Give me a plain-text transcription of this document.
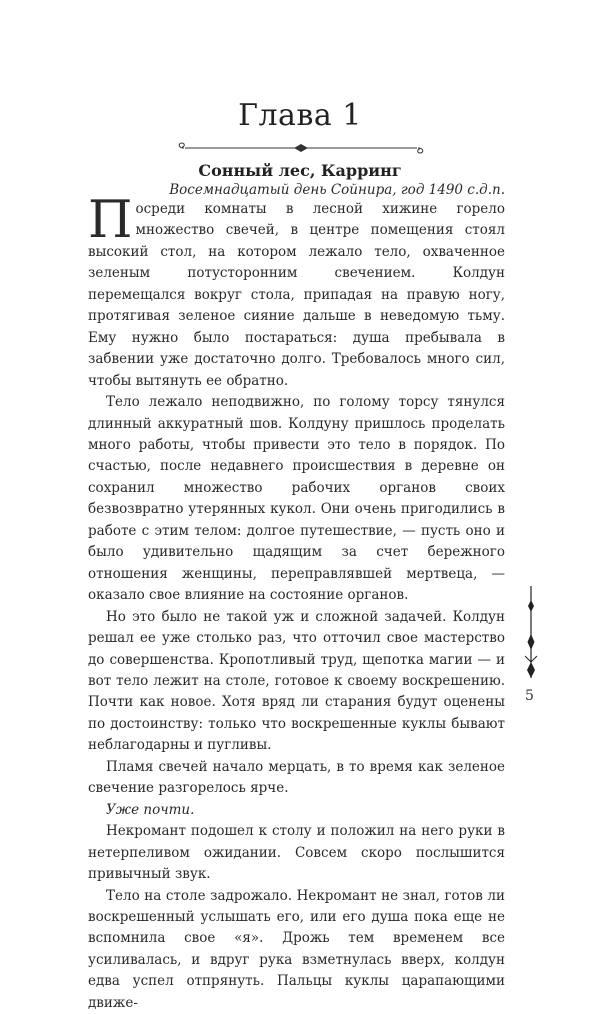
Глава 1
Сонный лес, Карринг
Восемнадцатый день Сойнира, год 1490 с.д.п.

Посреди комнаты в лесной хижине горело множество свечей, в центре помещения стоял высокий стол, на котором лежало тело, охваченное зеленым потусторонним свечением. Колдун перемещался вокруг стола, припадая на правую ногу, протягивая зеленое сияние дальше в неведомую тьму. Ему нужно было постараться: душа пребывала в забвении уже достаточно долго. Требовалось много сил, чтобы вытянуть ее обратно.

Тело лежало неподвижно, по голому торсу тянулся длинный аккуратный шов. Колдуну пришлось проделать много работы, чтобы привести это тело в порядок. По счастью, после недавнего происшествия в деревне он сохранил множество рабочих органов своих безвозвратно утерянных кукол. Они очень пригодились в работе с этим телом: долгое путешествие, — пусть оно и было удивительно щадящим за счет бережного отношения женщины, переправлявшей мертвеца, — оказало свое влияние на состояние органов.

Но это было не такой уж и сложной задачей. Колдун решал ее уже столько раз, что отточил свое мастерство до совершенства. Кропотливый труд, щепотка магии — и вот тело лежит на столе, готовое к своему воскрешению. Почти как новое. Хотя вряд ли старания будут оценены по достоинству: только что воскрешенные куклы бывают неблагодарны и пугливы.

Пламя свечей начало мерцать, в то время как зеленое свечение разгорелось ярче.

Уже почти.

Некромант подошел к столу и положил на него руки в нетерпеливом ожидании. Совсем скоро послышится привычный звук.

Тело на столе задрожало. Некромант не знал, готов ли воскрешенный услышать его, или его душа пока еще не вспомнила свое «я». Дрожь тем временем все усиливалась, и вдруг рука взметнулась вверх, колдун едва успел отпрянуть. Пальцы куклы царапающими движе-

5
